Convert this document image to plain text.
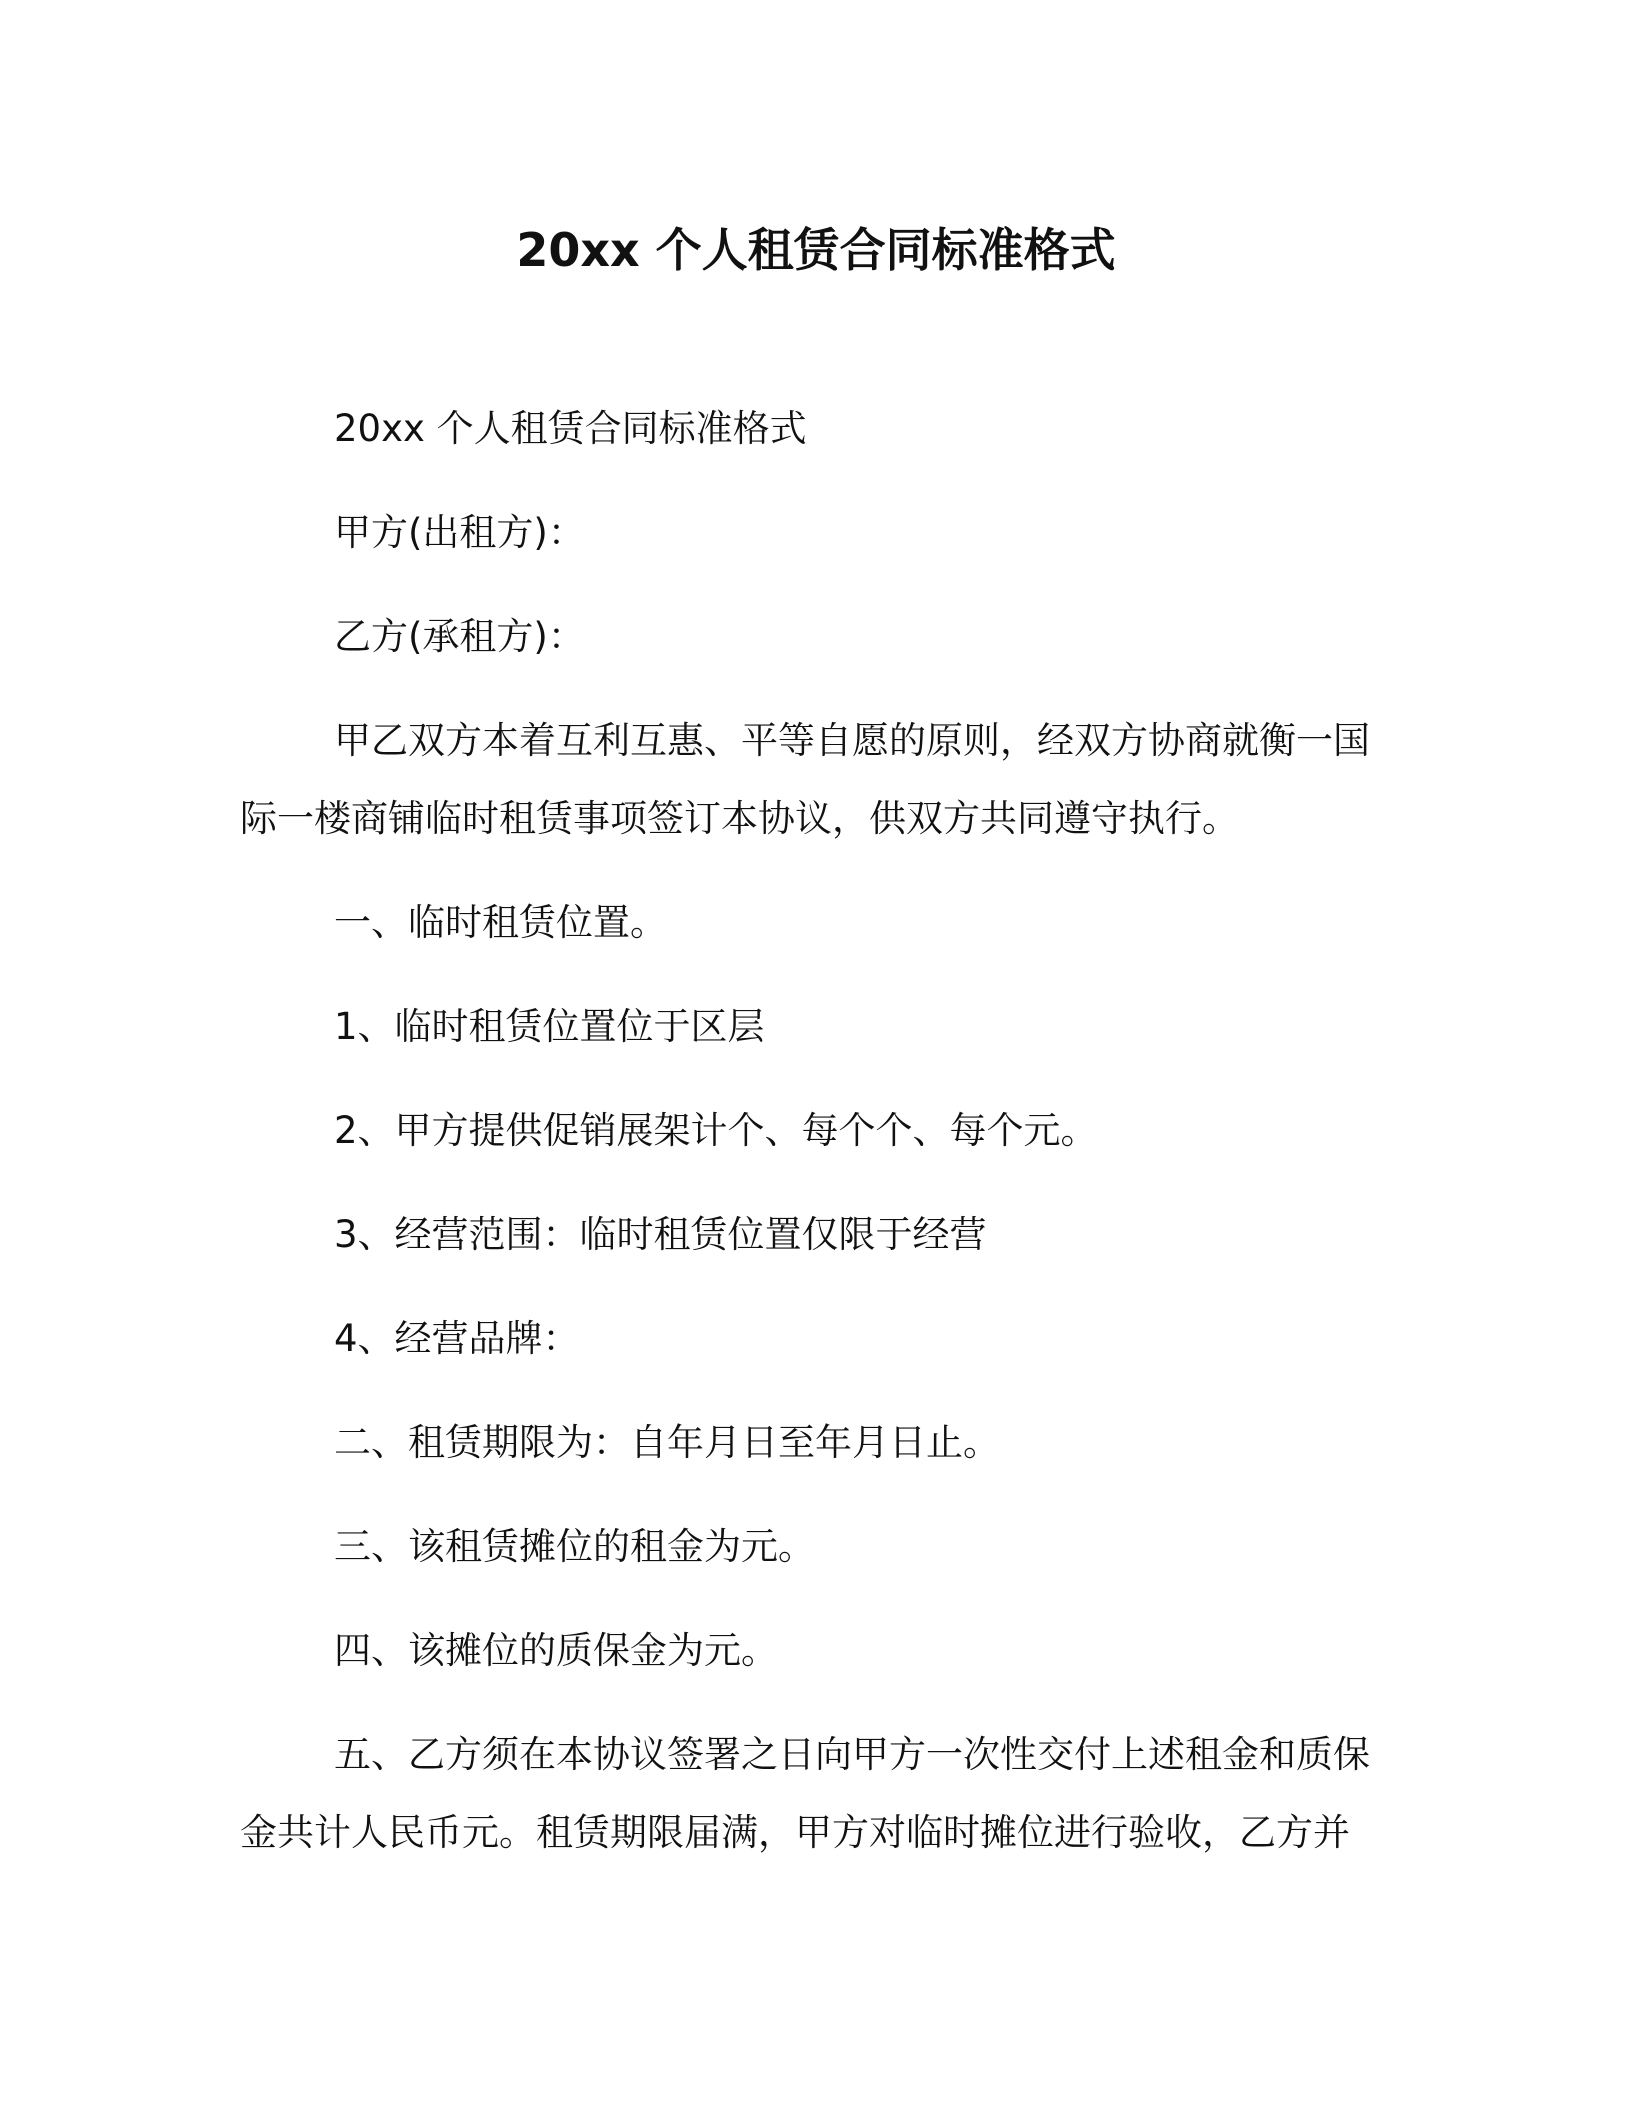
20xx 个人租赁合同标准格式

20xx 个人租赁合同标准格式

甲方(出租方)：

乙方(承租方)：

甲乙双方本着互利互惠、平等自愿的原则，经双方协商就衡一国际一楼商铺临时租赁事项签订本协议，供双方共同遵守执行。

一、临时租赁位置。

1、临时租赁位置位于区层

2、甲方提供促销展架计个、每个个、每个元。

3、经营范围：临时租赁位置仅限于经营

4、经营品牌：

二、租赁期限为：自年月日至年月日止。

三、该租赁摊位的租金为元。

四、该摊位的质保金为元。

五、乙方须在本协议签署之日向甲方一次性交付上述租金和质保金共计人民币元。租赁期限届满，甲方对临时摊位进行验收，乙方并
